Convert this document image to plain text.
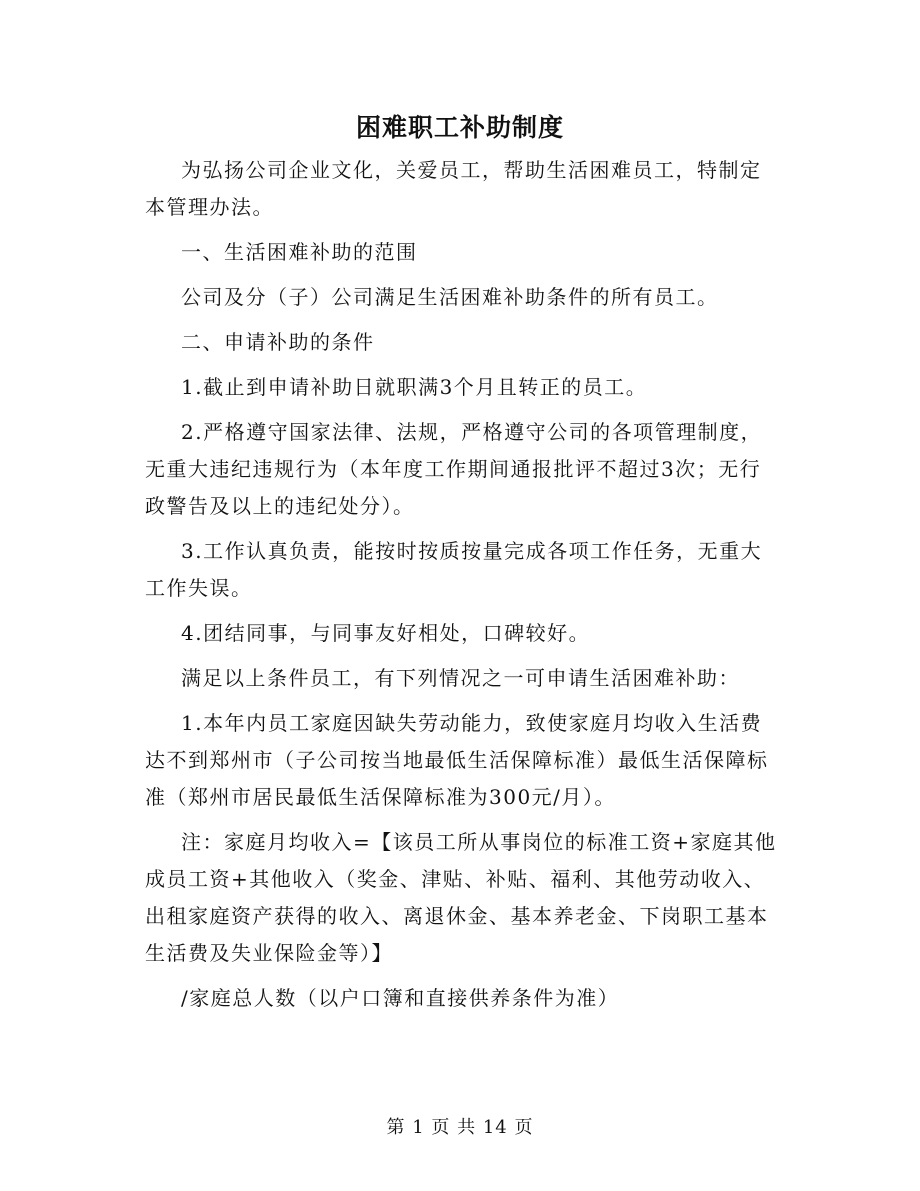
困难职工补助制度

为弘扬公司企业文化，关爱员工，帮助生活困难员工，特制定本管理办法。

一、生活困难补助的范围

公司及分（子）公司满足生活困难补助条件的所有员工。

二、申请补助的条件

1.截止到申请补助日就职满3个月且转正的员工。

2.严格遵守国家法律、法规，严格遵守公司的各项管理制度，无重大违纪违规行为（本年度工作期间通报批评不超过3次；无行政警告及以上的违纪处分）。

3.工作认真负责，能按时按质按量完成各项工作任务，无重大工作失误。

4.团结同事，与同事友好相处，口碑较好。

满足以上条件员工，有下列情况之一可申请生活困难补助：

1.本年内员工家庭因缺失劳动能力，致使家庭月均收入生活费达不到郑州市（子公司按当地最低生活保障标准）最低生活保障标准（郑州市居民最低生活保障标准为300元/月）。

注：家庭月均收入=【该员工所从事岗位的标准工资+家庭其他成员工资+其他收入（奖金、津贴、补贴、福利、其他劳动收入、出租家庭资产获得的收入、离退休金、基本养老金、下岗职工基本生活费及失业保险金等）】

/家庭总人数（以户口簿和直接供养条件为准）

第 1 页 共 14 页
